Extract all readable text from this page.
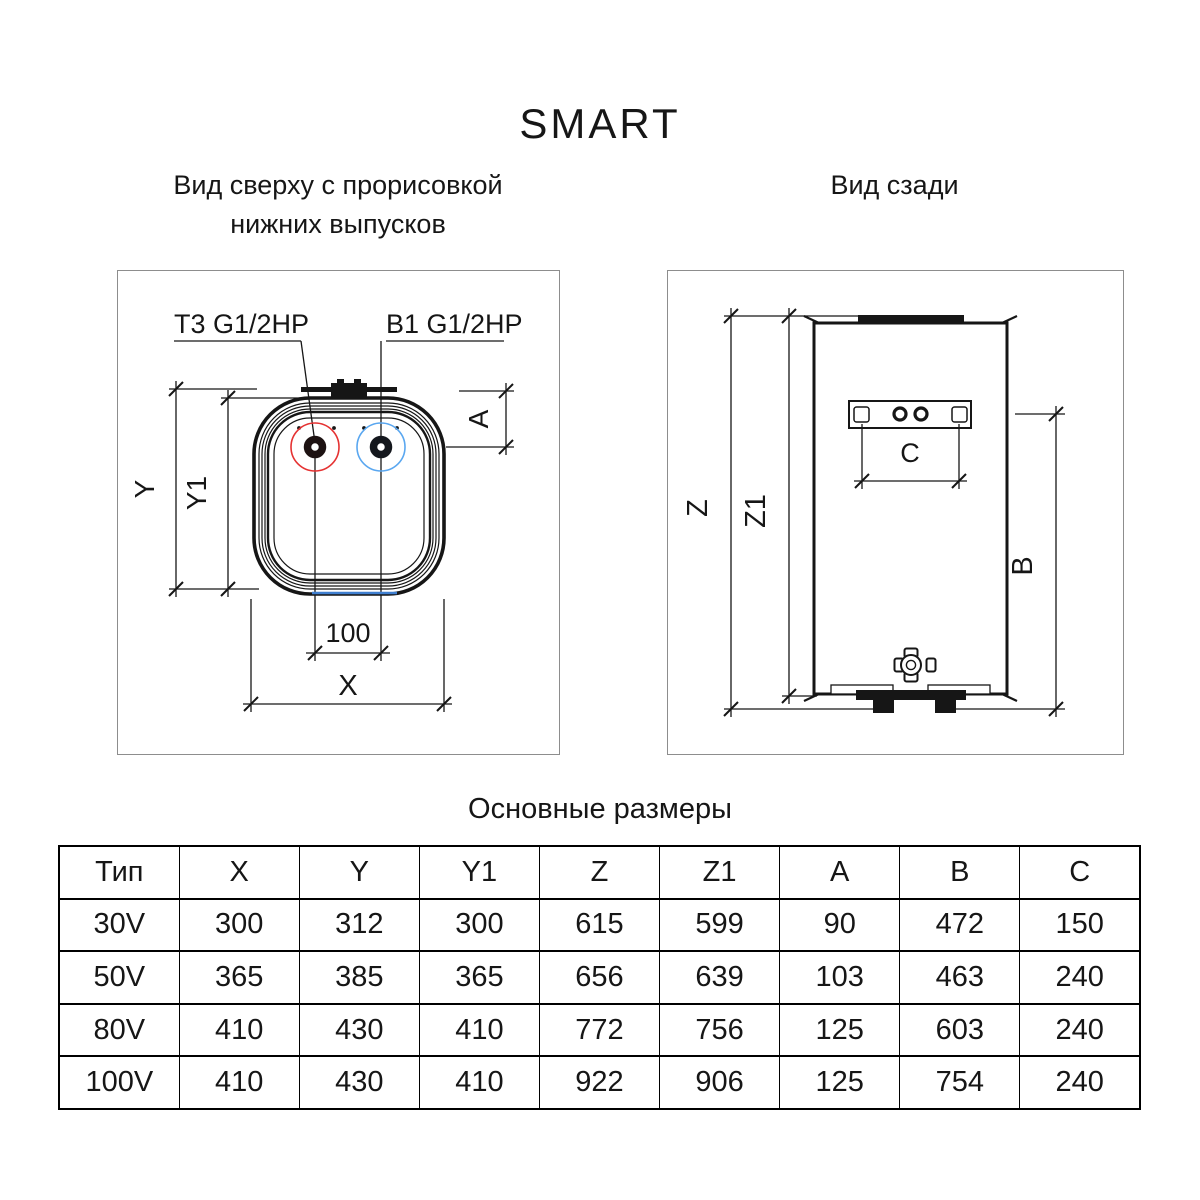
SMART
Вид сверху с прорисовкой
нижних выпусков
Вид сзади
T3 G1/2HP	B1 G1/2HP
Y Y1
A
100
X
Z Z1
B
C
Основные размеры
Тип	X	Y	Y1	Z	Z1	A	B	C
30V	300	312	300	615	599	90	472	150
50V	365	385	365	656	639	103	463	240
80V	410	430	410	772	756	125	603	240
100V	410	430	410	922	906	125	754	240
